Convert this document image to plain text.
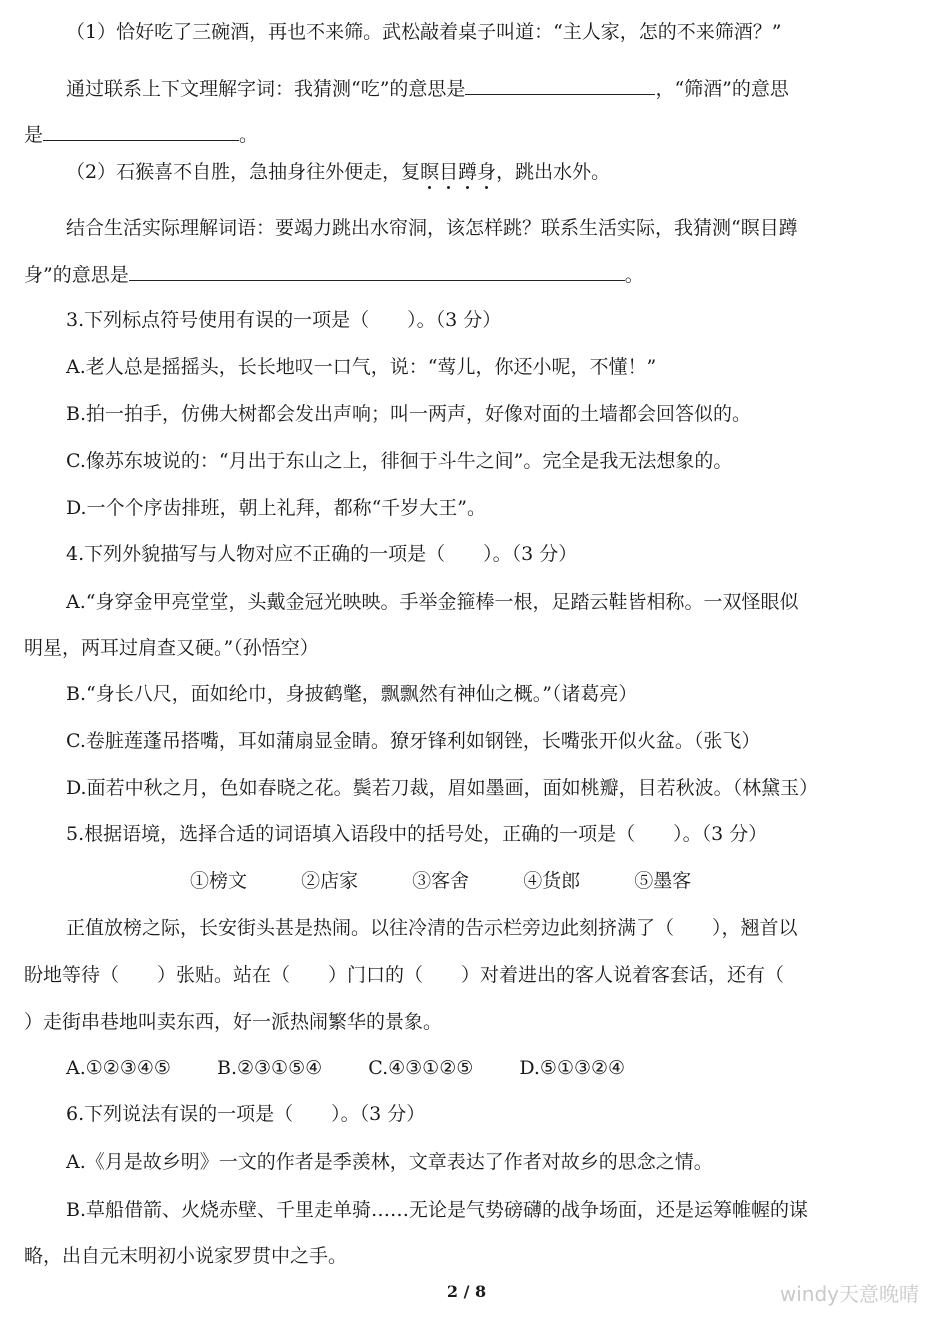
（1）恰好吃了三碗酒，再也不来筛。武松敲着桌子叫道：“主人家，怎的不来筛酒？”
通过联系上下文理解字词：我猜测“吃”的意思是	，“筛酒”的意思
是	。
（2）石猴喜不自胜，急抽身往外便走，复瞑目蹲身，跳出水外。
结合生活实际理解词语：要竭力跳出水帘洞，该怎样跳？联系生活实际，我猜测“瞑目蹲
身”的意思是	。
3.下列标点符号使用有误的一项是（　　）。（3 分）
A.老人总是摇摇头，长长地叹一口气，说：“莺儿，你还小呢，不懂！”
B.拍一拍手，仿佛大树都会发出声响；叫一两声，好像对面的土墙都会回答似的。
C.像苏东坡说的：“月出于东山之上，徘徊于斗牛之间”。完全是我无法想象的。
D.一个个序齿排班，朝上礼拜，都称“千岁大王”。
4.下列外貌描写与人物对应不正确的一项是（　　）。（3 分）
A.“身穿金甲亮堂堂，头戴金冠光映映。手举金箍棒一根，足踏云鞋皆相称。一双怪眼似
明星，两耳过肩查又硬。”（孙悟空）
B.“身长八尺，面如纶巾，身披鹤氅，飘飘然有神仙之概。”（诸葛亮）
C.卷脏莲蓬吊搭嘴，耳如蒲扇显金睛。獠牙锋利如钢锉，长嘴张开似火盆。（张飞）
D.面若中秋之月，色如春晓之花。鬓若刀裁，眉如墨画，面如桃瓣，目若秋波。（林黛玉）
5.根据语境，选择合适的词语填入语段中的括号处，正确的一项是（　　）。（3 分）
①榜文	②店家	③客舍	④货郎	⑤墨客
正值放榜之际，长安街头甚是热闹。以往冷清的告示栏旁边此刻挤满了（　　），翘首以
盼地等待（　　）张贴。站在（　　）门口的（　　）对着进出的客人说着客套话，还有（
）走街串巷地叫卖东西，好一派热闹繁华的景象。
A.①②③④⑤ B.②③①⑤④ C.④③①②⑤ D.⑤①③②④
6.下列说法有误的一项是（　　）。（3 分）
A.《月是故乡明》一文的作者是季羡林，文章表达了作者对故乡的思念之情。
B.草船借箭、火烧赤壁、千里走单骑……无论是气势磅礴的战争场面，还是运筹帷幄的谋
略，出自元末明初小说家罗贯中之手。
2 / 8	windy天意晚晴
